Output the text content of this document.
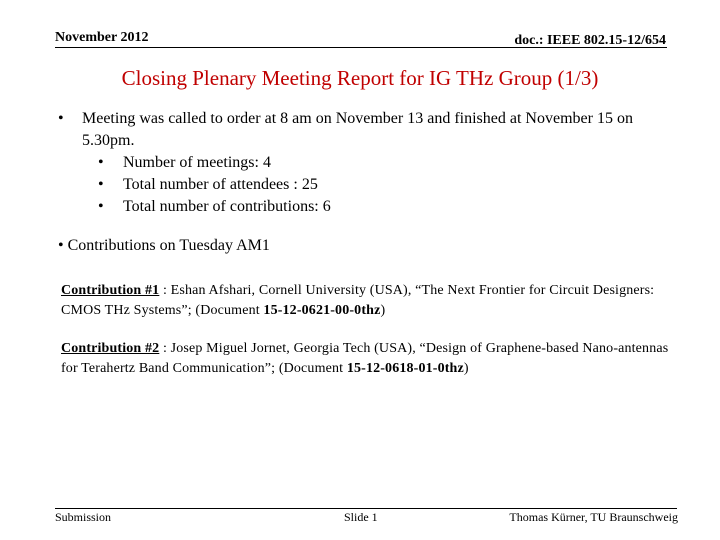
November 2012	doc.: IEEE 802.15-12/654
Closing Plenary Meeting Report for IG THz Group (1/3)
• Meeting was called to order at 8 am on November 13 and finished at November 15 on 5.30pm.
• Number of meetings: 4
• Total number of attendees : 25
• Total number of contributions: 6
• Contributions on Tuesday AM1
Contribution #1 : Eshan Afshari, Cornell University (USA), “The Next Frontier for Circuit Designers: CMOS THz Systems”; (Document 15-12-0621-00-0thz)
Contribution #2 : Josep Miguel Jornet, Georgia Tech (USA), “Design of Graphene-based Nano-antennas for Terahertz Band Communication”; (Document 15-12-0618-01-0thz)
Submission	Slide 1	Thomas Kürner, TU Braunschweig
